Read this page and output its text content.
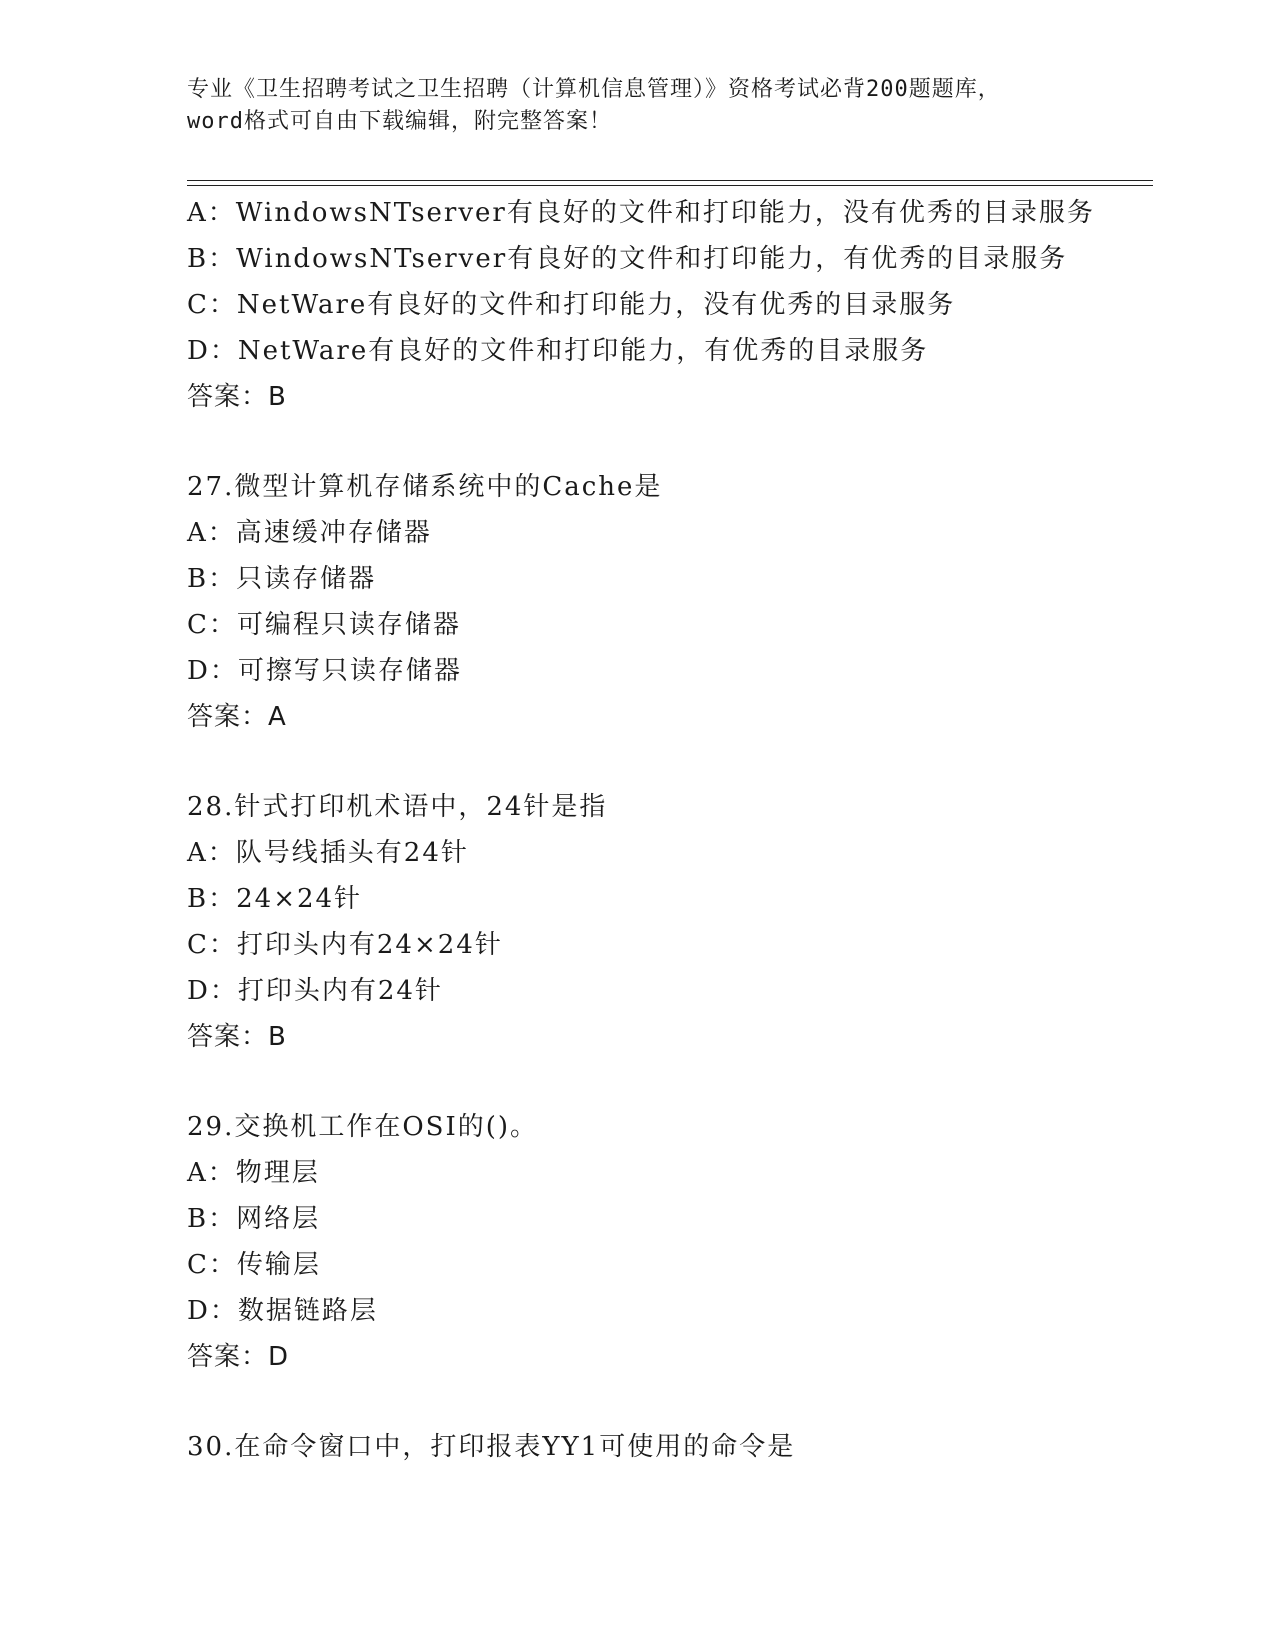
专业《卫生招聘考试之卫生招聘（计算机信息管理）》资格考试必背200题题库，
word格式可自由下载编辑，附完整答案！
A：WindowsNTserver有良好的文件和打印能力，没有优秀的目录服务
B：WindowsNTserver有良好的文件和打印能力，有优秀的目录服务
C：NetWare有良好的文件和打印能力，没有优秀的目录服务
D：NetWare有良好的文件和打印能力，有优秀的目录服务
答案：B
27.微型计算机存储系统中的Cache是
A：高速缓冲存储器
B：只读存储器
C：可编程只读存储器
D：可擦写只读存储器
答案：A
28.针式打印机术语中，24针是指
A：队号线插头有24针
B：24×24针
C：打印头内有24×24针
D：打印头内有24针
答案：B
29.交换机工作在OSI的()。
A：物理层
B：网络层
C：传输层
D：数据链路层
答案：D
30.在命令窗口中，打印报表YY1可使用的命令是
